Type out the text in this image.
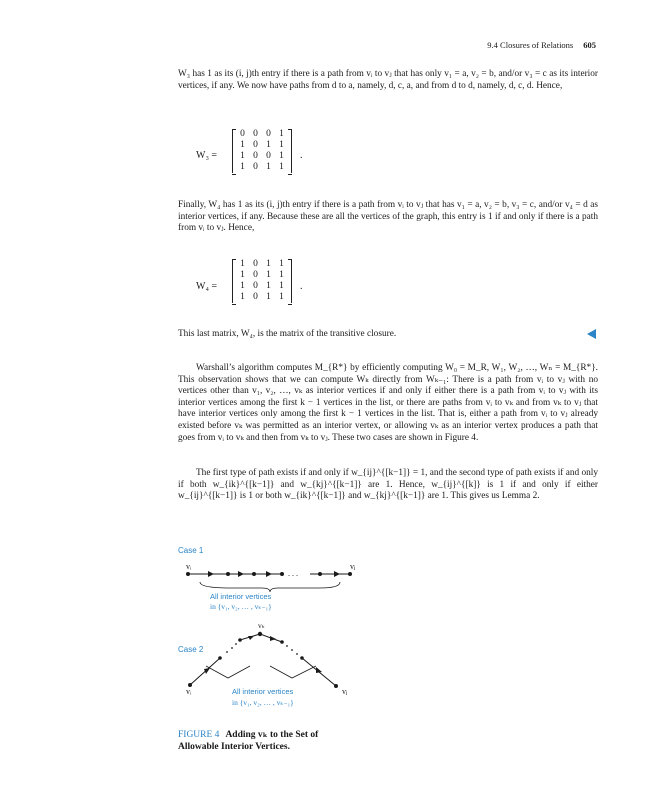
9.4 Closures of Relations 605

W₃ has 1 as its (i, j)th entry if there is a path from vᵢ to vⱼ that has only v₁ = a, v₂ = b, and/or v₃ = c as its interior vertices, if any. We now have paths from d to a, namely, d, c, a, and from d to d, namely, d, c, d. Hence,

W₃ =
0 0 0 1
1 0 1 1
1 0 0 1
1 0 1 1
.

Finally, W₄ has 1 as its (i, j)th entry if there is a path from vᵢ to vⱼ that has v₁ = a, v₂ = b, v₃ = c, and/or v₄ = d as interior vertices, if any. Because these are all the vertices of the graph, this entry is 1 if and only if there is a path from vᵢ to vⱼ. Hence,

W₄ =
1 0 1 1
1 0 1 1
1 0 1 1
1 0 1 1
.

This last matrix, W₄, is the matrix of the transitive closure.

Warshall’s algorithm computes M_{R*} by efficiently computing W₀ = M_R, W₁, W₂, …, Wₙ = M_{R*}. This observation shows that we can compute Wₖ directly from Wₖ₋₁: There is a path from vᵢ to vⱼ with no vertices other than v₁, v₂, …, vₖ as interior vertices if and only if either there is a path from vᵢ to vⱼ with its interior vertices among the first k − 1 vertices in the list, or there are paths from vᵢ to vₖ and from vₖ to vⱼ that have interior vertices only among the first k − 1 vertices in the list. That is, either a path from vᵢ to vⱼ already existed before vₖ was permitted as an interior vertex, or allowing vₖ as an interior vertex produces a path that goes from vᵢ to vₖ and then from vₖ to vⱼ. These two cases are shown in Figure 4.

The first type of path exists if and only if w_{ij}^{[k−1]} = 1, and the second type of path exists if and only if both w_{ik}^{[k−1]} and w_{kj}^{[k−1]} are 1. Hence, w_{ij}^{[k]} is 1 if and only if either w_{ij}^{[k−1]} is 1 or both w_{ik}^{[k−1]} and w_{kj}^{[k−1]} are 1. This gives us Lemma 2.

Case 1
vᵢ	vⱼ
. . .
All interior vertices
in {v₁, v₂, … , vₖ₋₁}
Case 2
vₖ
vᵢ	vⱼ
All interior vertices
in {v₁, v₂, … , vₖ₋₁}
FIGURE 4 Adding vₖ to the Set of
Allowable Interior Vertices.
